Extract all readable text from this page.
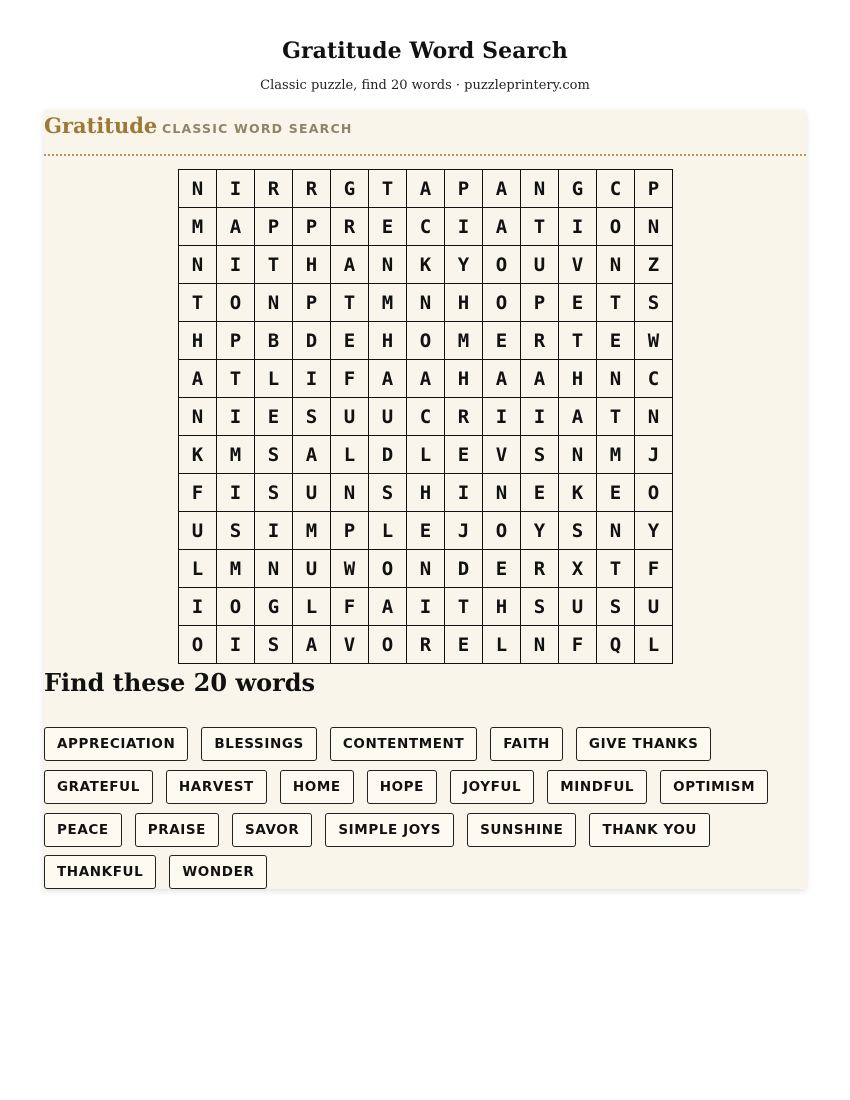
Gratitude Word Search
Classic puzzle, find 20 words · puzzleprintery.com
Gratitude CLASSIC WORD SEARCH
N	I	R	R	G	T	A	P	A	N	G	C	P
M	A	P	P	R	E	C	I	A	T	I	O	N
N	I	T	H	A	N	K	Y	O	U	V	N	Z
T	O	N	P	T	M	N	H	O	P	E	T	S
H	P	B	D	E	H	O	M	E	R	T	E	W
A	T	L	I	F	A	A	H	A	A	H	N	C
N	I	E	S	U	U	C	R	I	I	A	T	N
K	M	S	A	L	D	L	E	V	S	N	M	J
F	I	S	U	N	S	H	I	N	E	K	E	O
U	S	I	M	P	L	E	J	O	Y	S	N	Y
L	M	N	U	W	O	N	D	E	R	X	T	F
I	O	G	L	F	A	I	T	H	S	U	S	U
O	I	S	A	V	O	R	E	L	N	F	Q	L
Find these 20 words
APPRECIATION	BLESSINGS	CONTENTMENT	FAITH	GIVE THANKS
GRATEFUL	HARVEST	HOME	HOPE	JOYFUL	MINDFUL	OPTIMISM
PEACE	PRAISE	SAVOR	SIMPLE JOYS	SUNSHINE	THANK YOU
THANKFUL	WONDER
